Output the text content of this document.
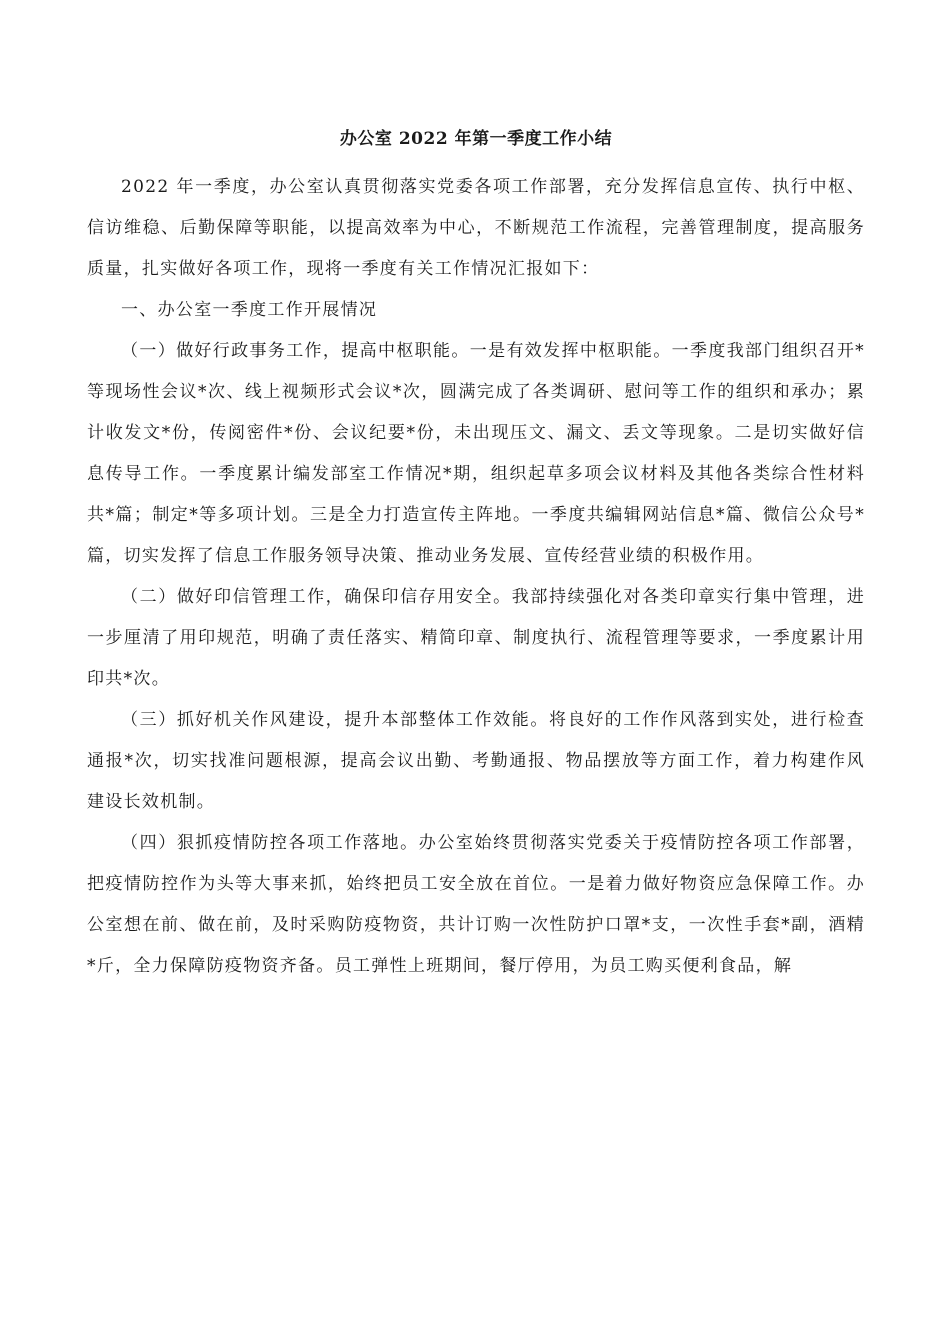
办公室 2022 年第一季度工作小结

2022 年一季度，办公室认真贯彻落实党委各项工作部署，充分发挥信息宣传、执行中枢、信访维稳、后勤保障等职能，以提高效率为中心，不断规范工作流程，完善管理制度，提高服务质量，扎实做好各项工作，现将一季度有关工作情况汇报如下：

一、办公室一季度工作开展情况

（一）做好行政事务工作，提高中枢职能。一是有效发挥中枢职能。一季度我部门组织召开*等现场性会议*次、线上视频形式会议*次，圆满完成了各类调研、慰问等工作的组织和承办；累计收发文*份，传阅密件*份、会议纪要*份，未出现压文、漏文、丢文等现象。二是切实做好信息传导工作。一季度累计编发部室工作情况*期，组织起草多项会议材料及其他各类综合性材料共*篇；制定*等多项计划。三是全力打造宣传主阵地。一季度共编辑网站信息*篇、微信公众号*篇，切实发挥了信息工作服务领导决策、推动业务发展、宣传经营业绩的积极作用。

（二）做好印信管理工作，确保印信存用安全。我部持续强化对各类印章实行集中管理，进一步厘清了用印规范，明确了责任落实、精简印章、制度执行、流程管理等要求，一季度累计用印共*次。

（三）抓好机关作风建设，提升本部整体工作效能。将良好的工作作风落到实处，进行检查通报*次，切实找准问题根源，提高会议出勤、考勤通报、物品摆放等方面工作，着力构建作风建设长效机制。

（四）狠抓疫情防控各项工作落地。办公室始终贯彻落实党委关于疫情防控各项工作部署，把疫情防控作为头等大事来抓，始终把员工安全放在首位。一是着力做好物资应急保障工作。办公室想在前、做在前，及时采购防疫物资，共计订购一次性防护口罩*支，一次性手套*副，酒精*斤，全力保障防疫物资齐备。员工弹性上班期间，餐厅停用，为员工购买便利食品，解
